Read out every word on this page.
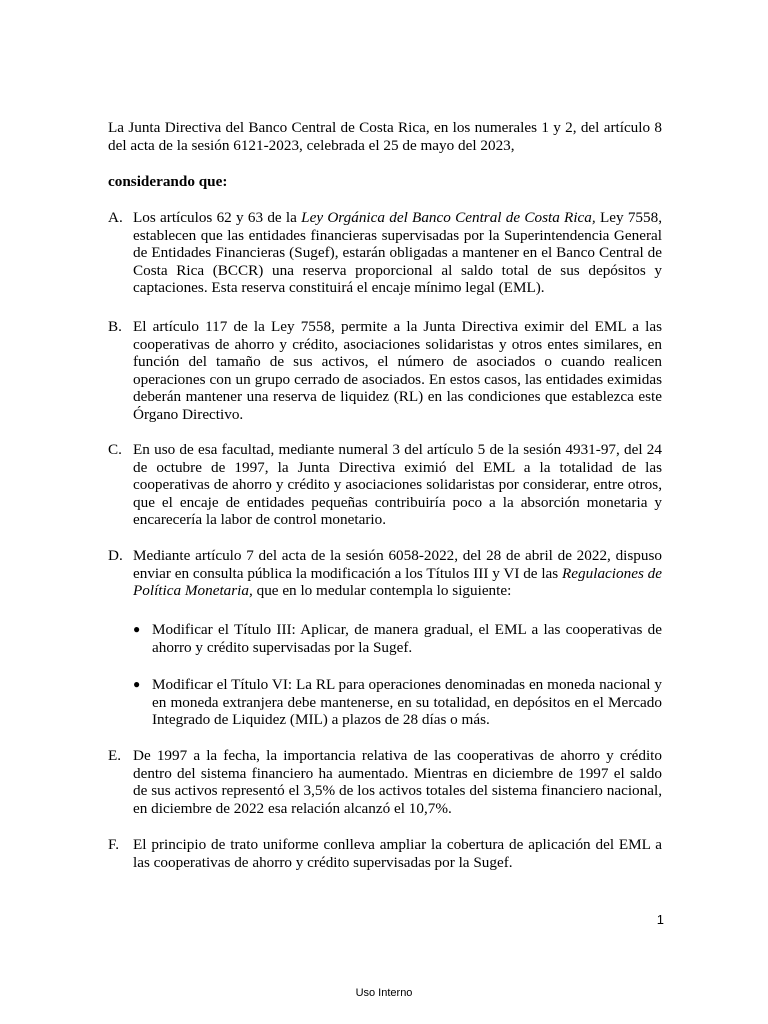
La Junta Directiva del Banco Central de Costa Rica, en los numerales 1 y 2, del artículo 8 del acta de la sesión 6121-2023, celebrada el 25 de mayo del 2023,

considerando que:

A. Los artículos 62 y 63 de la Ley Orgánica del Banco Central de Costa Rica, Ley 7558, establecen que las entidades financieras supervisadas por la Superintendencia General de Entidades Financieras (Sugef), estarán obligadas a mantener en el Banco Central de Costa Rica (BCCR) una reserva proporcional al saldo total de sus depósitos y captaciones. Esta reserva constituirá el encaje mínimo legal (EML).
B. El artículo 117 de la Ley 7558, permite a la Junta Directiva eximir del EML a las cooperativas de ahorro y crédito, asociaciones solidaristas y otros entes similares, en función del tamaño de sus activos, el número de asociados o cuando realicen operaciones con un grupo cerrado de asociados. En estos casos, las entidades eximidas deberán mantener una reserva de liquidez (RL) en las condiciones que establezca este Órgano Directivo.
C. En uso de esa facultad, mediante numeral 3 del artículo 5 de la sesión 4931-97, del 24 de octubre de 1997, la Junta Directiva eximió del EML a la totalidad de las cooperativas de ahorro y crédito y asociaciones solidaristas por considerar, entre otros, que el encaje de entidades pequeñas contribuiría poco a la absorción monetaria y encarecería la labor de control monetario.
D. Mediante artículo 7 del acta de la sesión 6058-2022, del 28 de abril de 2022, dispuso enviar en consulta pública la modificación a los Títulos III y VI de las Regulaciones de Política Monetaria, que en lo medular contempla lo siguiente:
● Modificar el Título III: Aplicar, de manera gradual, el EML a las cooperativas de ahorro y crédito supervisadas por la Sugef.
● Modificar el Título VI: La RL para operaciones denominadas en moneda nacional y en moneda extranjera debe mantenerse, en su totalidad, en depósitos en el Mercado Integrado de Liquidez (MIL) a plazos de 28 días o más.
E. De 1997 a la fecha, la importancia relativa de las cooperativas de ahorro y crédito dentro del sistema financiero ha aumentado. Mientras en diciembre de 1997 el saldo de sus activos representó el 3,5% de los activos totales del sistema financiero nacional, en diciembre de 2022 esa relación alcanzó el 10,7%.
F. El principio de trato uniforme conlleva ampliar la cobertura de aplicación del EML a las cooperativas de ahorro y crédito supervisadas por la Sugef.
1
Uso Interno
